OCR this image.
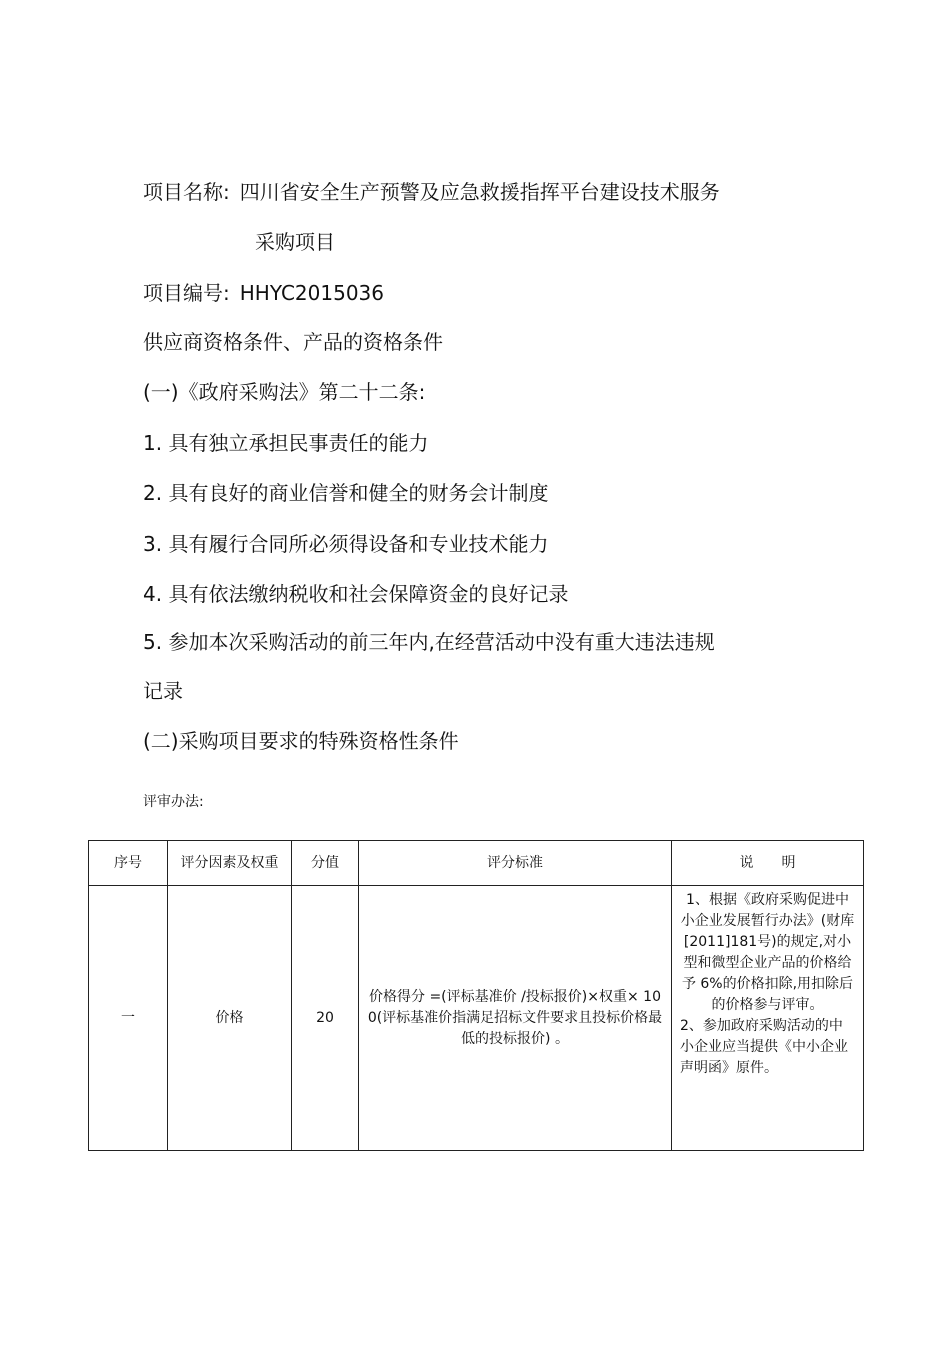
项目名称: 四川省安全生产预警及应急救援指挥平台建设技术服务
采购项目
项目编号: HHYC2015036
供应商资格条件、产品的资格条件
(一)《政府采购法》第二十二条:
1. 具有独立承担民事责任的能力
2. 具有良好的商业信誉和健全的财务会计制度
3. 具有履行合同所必须得设备和专业技术能力
4. 具有依法缴纳税收和社会保障资金的良好记录
5. 参加本次采购活动的前三年内,在经营活动中没有重大违法违规
记录
(二)采购项目要求的特殊资格性条件
评审办法:
序号	评分因素及权重	分值	评分标准	说　　明
一	价格	20	价格得分 =(评标基准价 /投标报价)×权重× 100(评标基准价指满足招标文件要求且投标价格最低的投标报价) 。	1、根据《政府采购促进中小企业发展暂行办法》(财库 [2011]181号)的规定,对小型和微型企业产品的价格给予 6%的价格扣除,用扣除后的价格参与评审。

2、参加政府采购活动的中小企业应当提供《中小企业声明函》原件。
